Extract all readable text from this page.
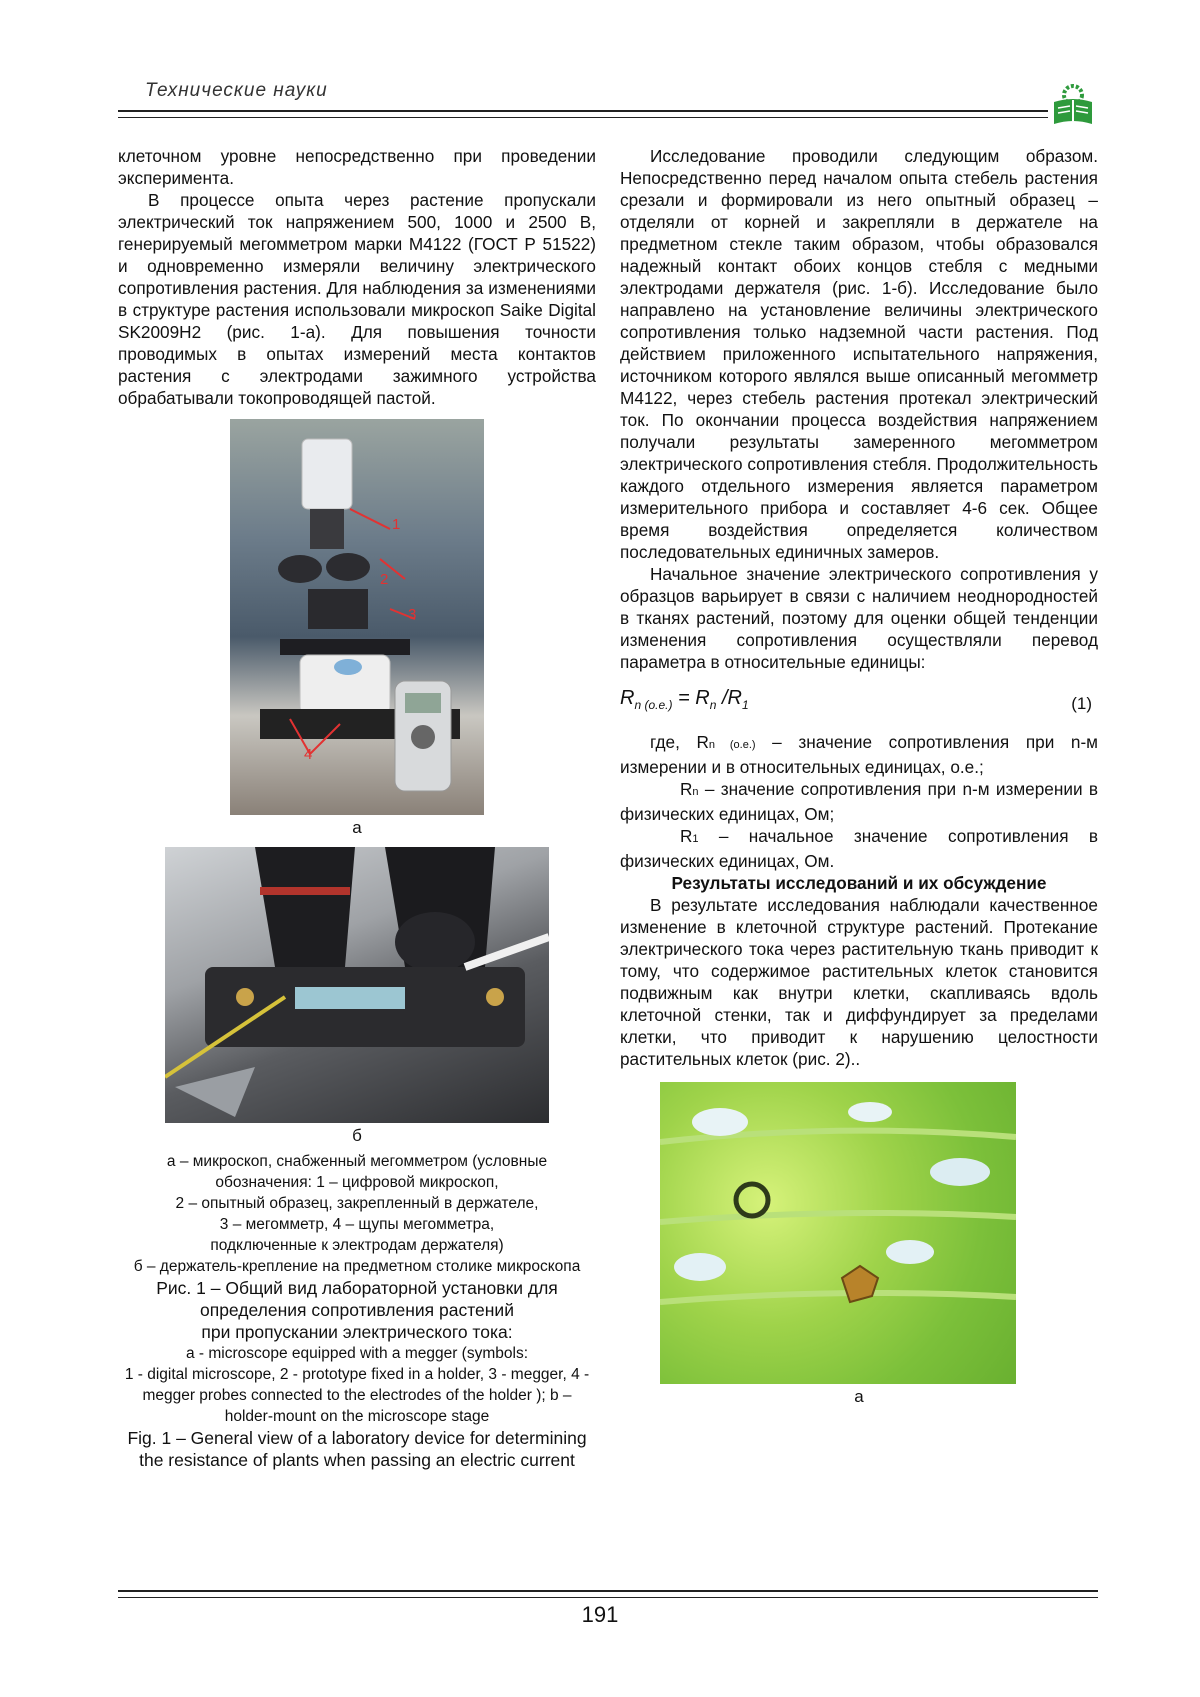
Технические науки

клеточном уровне непосредственно при проведении эксперимента.

В процессе опыта через растение пропускали электрический ток напряжением 500, 1000 и 2500 В, генерируемый мегомметром марки М4122 (ГОСТ Р 51522) и одновременно измеряли величину электрического сопротивления растения. Для наблюдения за изменениями в структуре растения использовали микроскоп Saike Digital SK2009H2 (рис. 1-а). Для повышения точности проводимых в опытах измерений места контактов растения с электродами зажимного устройства обрабатывали токопроводящей пастой.

1
2
3
4
а
б

а – микроскоп, снабженный мегомметром (условные обозначения: 1 – цифровой микроскоп,

2 – опытный образец, закрепленный в держателе,

3 – мегомметр, 4 – щупы мегомметра,

подключенные к электродам держателя)

б – держатель-крепление на предметном столике микроскопа

Рис. 1 – Общий вид лабораторной установки для определения сопротивления растений

при пропускании электрического тока:

a - microscope equipped with a megger (symbols:

1 - digital microscope, 2 - prototype fixed in a holder, 3 - megger, 4 - megger probes connected to the electrodes of the holder ); b – holder-mount on the microscope stage

Fig. 1 – General view of a laboratory device for determining the resistance of plants when passing an electric current

Исследование проводили следующим образом. Непосредственно перед началом опыта стебель растения срезали и формировали из него опытный образец – отделяли от корней и закрепляли в держателе на предметном стекле таким образом, чтобы образовался надежный контакт обоих концов стебля с медными электродами держателя (рис. 1-б). Исследование было направлено на установление величины электрического сопротивления только надземной части растения. Под действием приложенного испытательного напряжения, источником которого являлся выше описанный мегомметр М4122, через стебель растения протекал электрический ток. По окончании процесса воздействия напряжением получали результаты замеренного мегомметром электрического сопротивления стебля. Продолжительность каждого отдельного измерения является параметром измерительного прибора и составляет 4-6 сек. Общее время воздействия определяется количеством последовательных единичных замеров.

Начальное значение электрического сопротивления у образцов варьирует в связи с наличием неоднородностей в тканях растений, поэтому для оценки общей тенденции изменения сопротивления осуществляли перевод параметра в относительные единицы:

$R_{n (o.e.)} = R_n$ $/R_1$	(1)

где, Rn (o.e.) – значение сопротивления при n-м измерении и в относительных единицах, о.е.;

Rn – значение сопротивления при n-м измерении в физических единицах, Ом;

R1 – начальное значение сопротивления в физических единицах, Ом.

Результаты исследований и их обсуждение

В результате исследования наблюдали качественное изменение в клеточной структуре растений. Протекание электрического тока через растительную ткань приводит к тому, что содержимое растительных клеток становится подвижным как внутри клетки, скапливаясь вдоль клеточной стенки, так и диффундирует за пределами клетки, что приводит к нарушению целостности растительных клеток (рис. 2)..

а
191
